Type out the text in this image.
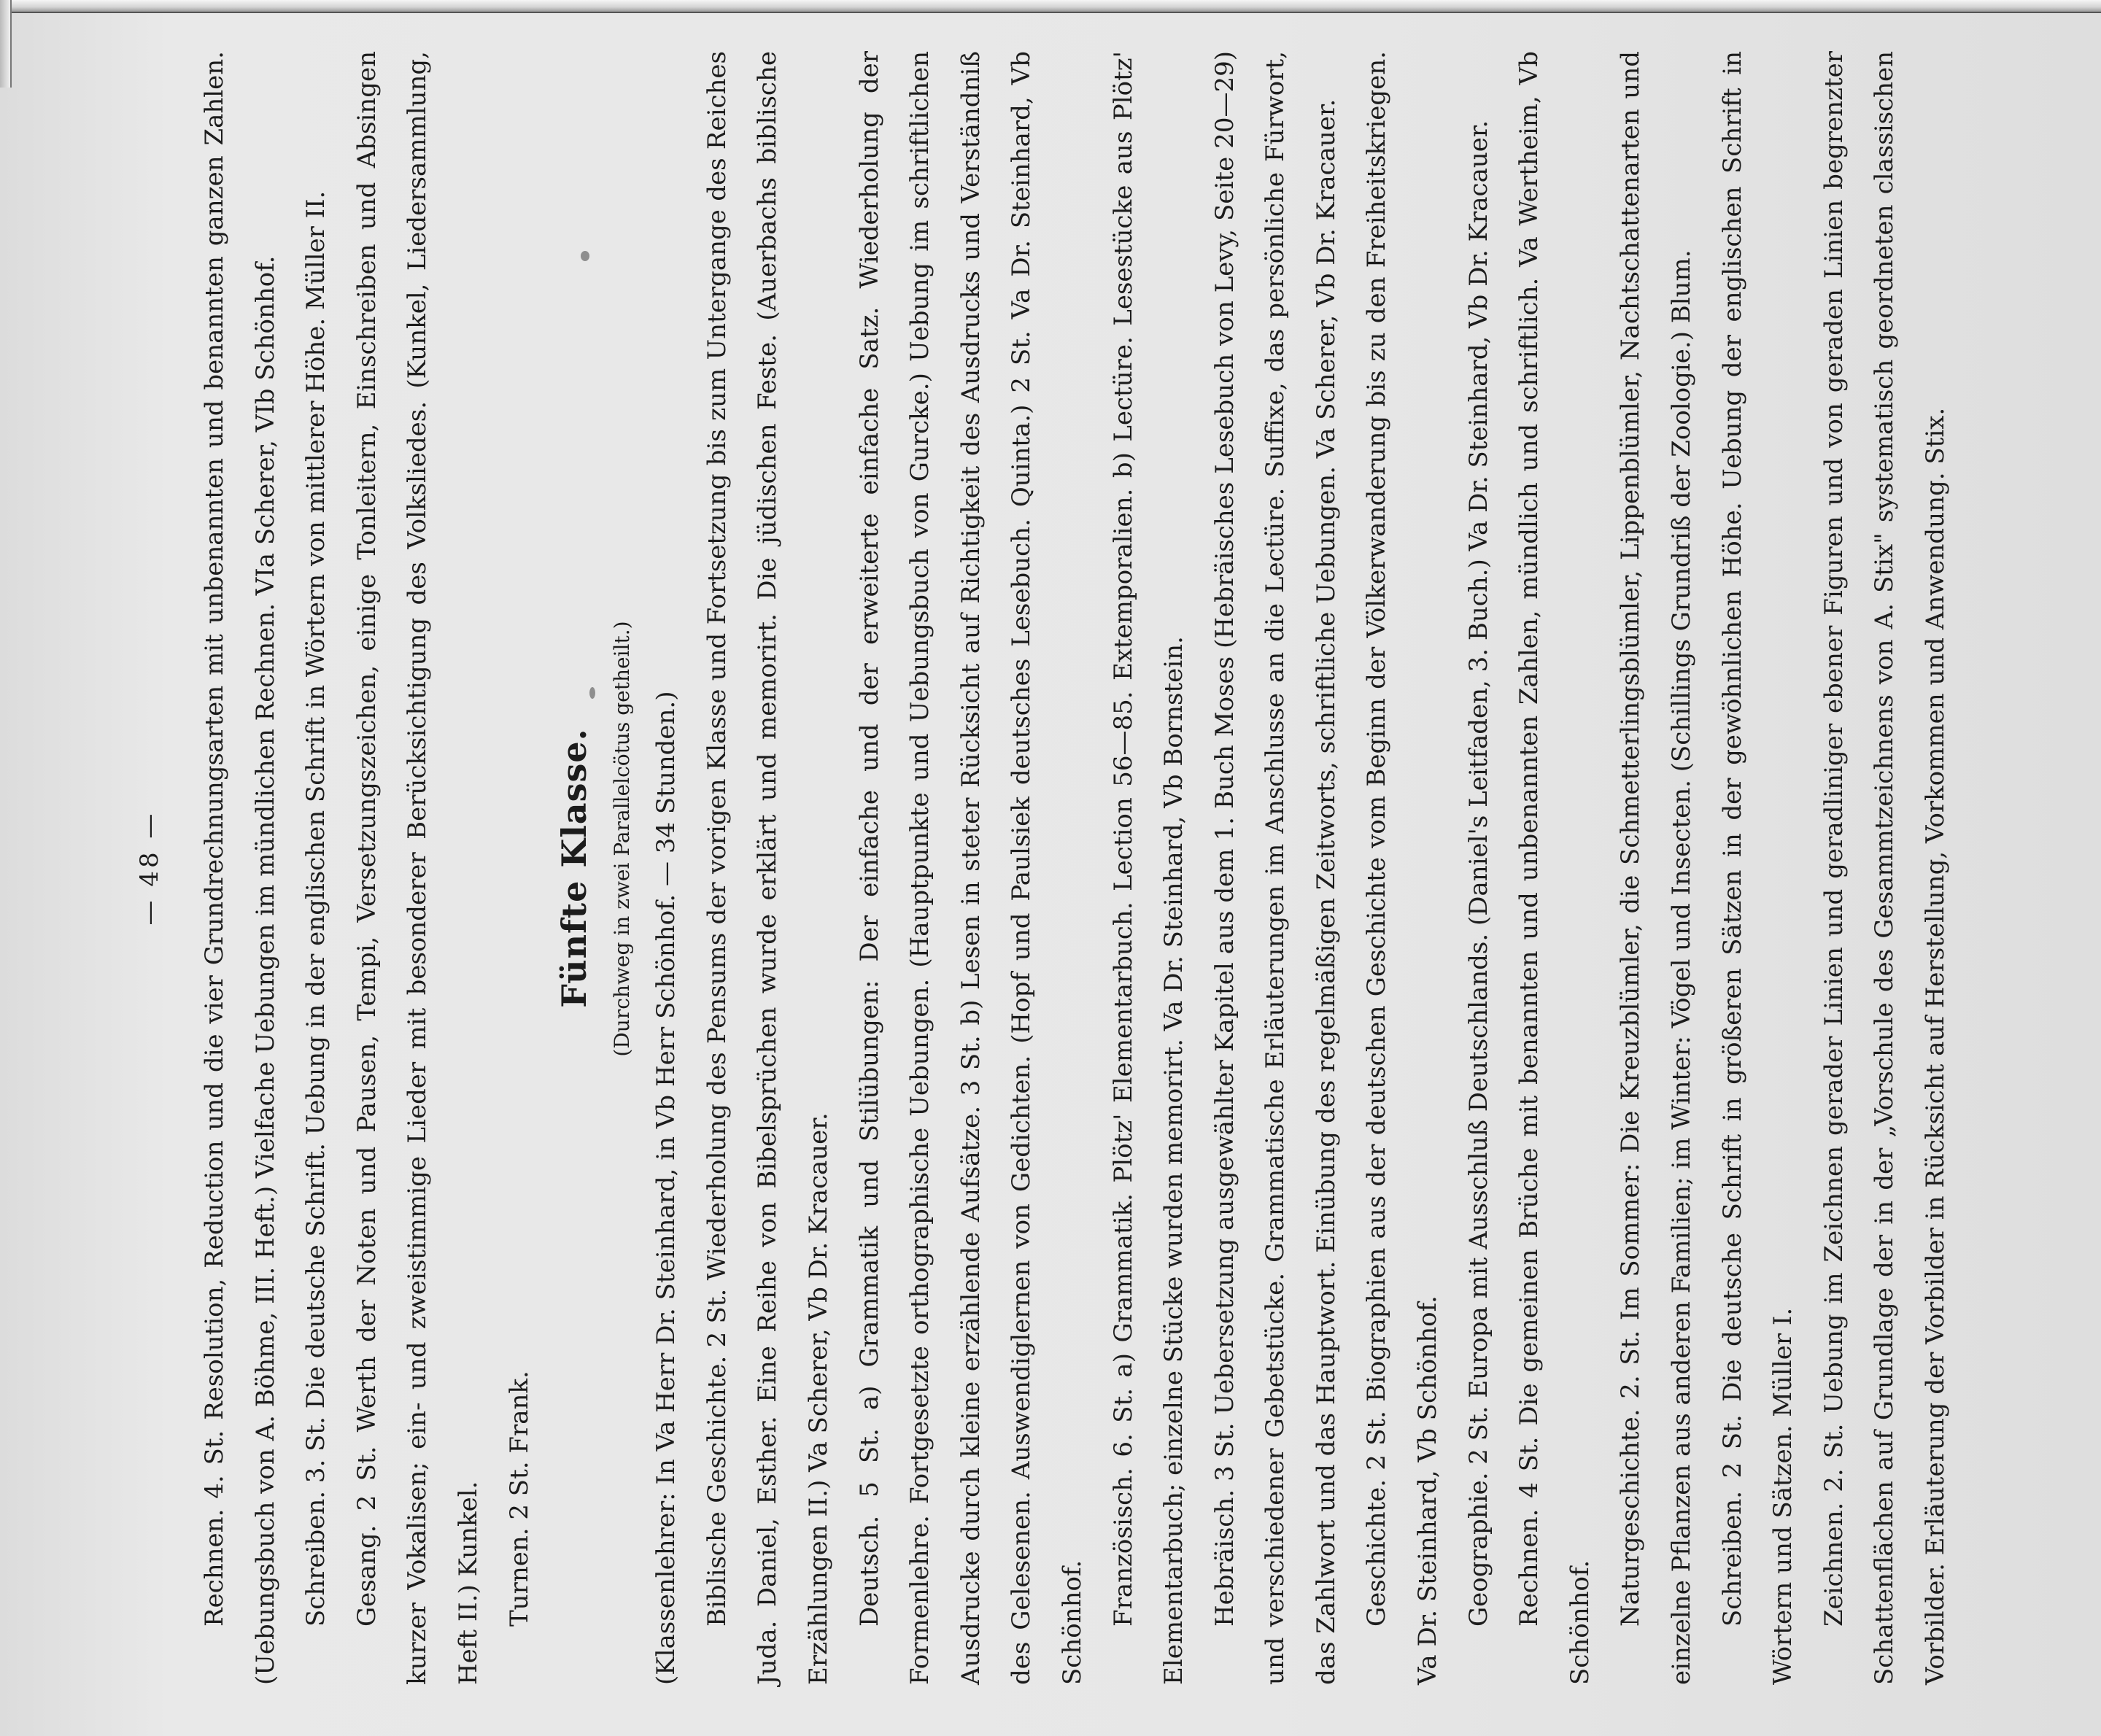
— 48 —	Rechnen. 4. St. Resolution, Reduction und die vier Grundrechnungsarten mit unbenannten und benannten ganzen Zahlen. (Uebungsbuch von A. Böhme, III. Heft.) Vielfache Uebungen im mündlichen Rechnen. VIa Scherer, VIb Schönhof. Schreiben. 3. St. Die deutsche Schrift. Uebung in der englischen Schrift in Wörtern von mittlerer Höhe. Müller II. Gesang. 2 St. Werth der Noten und Pausen, Tempi, Versetzungszeichen, einige Tonleitern, Einschreiben und Absingen kurzer Vokalisen; ein- und zweistimmige Lieder mit besonderer Berücksichtigung des Volksliedes. (Kunkel, Liedersammlung, Heft II.) Kunkel. Turnen. 2 St. Frank.

Fünfte Klasse. (Durchweg in zwei Parallelcötus getheilt.) (Klassenlehrer: In Va Herr Dr. Steinhard, in Vb Herr Schönhof. — 34 Stunden.) Biblische Geschichte. 2 St. Wiederholung des Pensums der vorigen Klasse und Fortsetzung bis zum Untergange des Reiches Juda. Daniel, Esther. Eine Reihe von Bibelsprüchen wurde erklärt und memorirt. Die jüdischen Feste. (Auerbachs biblische Erzählungen II.) Va Scherer, Vb Dr. Kracauer. Deutsch. 5 St. a) Grammatik und Stilübungen: Der einfache und der erweiterte einfache Satz. Wiederholung der Formenlehre. Fortgesetzte orthographische Uebungen. (Hauptpunkte und Uebungsbuch von Gurcke.) Uebung im schriftlichen Ausdrucke durch kleine erzählende Aufsätze. 3 St. b) Lesen in steter Rücksicht auf Richtigkeit des Ausdrucks und Verständniß des Gelesenen. Auswendiglernen von Gedichten. (Hopf und Paulsiek deutsches Lesebuch. Quinta.) 2 St. Va Dr. Steinhard, Vb Schönhof. Französisch. 6. St. a) Grammatik. Plötz' Elementarbuch. Lection 56—85. Extemporalien. b) Lectüre. Lesestücke aus Plötz' Elementarbuch; einzelne Stücke wurden memorirt. Va Dr. Steinhard, Vb Bornstein. Hebräisch. 3 St. Uebersetzung ausgewählter Kapitel aus dem 1. Buch Moses (Hebräisches Lesebuch von Levy, Seite 20—29) und verschiedener Gebetstücke. Grammatische Erläuterungen im Anschlusse an die Lectüre. Suffixe, das persönliche Fürwort, das Zahlwort und das Hauptwort. Einübung des regelmäßigen Zeitworts, schriftliche Uebungen. Va Scherer, Vb Dr. Kracauer. Geschichte. 2 St. Biographien aus der deutschen Geschichte vom Beginn der Völkerwanderung bis zu den Freiheitskriegen. Va Dr. Steinhard, Vb Schönhof. Geographie. 2 St. Europa mit Ausschluß Deutschlands. (Daniel's Leitfaden, 3. Buch.) Va Dr. Steinhard, Vb Dr. Kracauer. Rechnen. 4 St. Die gemeinen Brüche mit benannten und unbenannten Zahlen, mündlich und schriftlich. Va Wertheim, Vb Schönhof. Naturgeschichte. 2. St. Im Sommer: Die Kreuzblümler, die Schmetterlingsblümler, Lippenblümler, Nachtschattenarten und einzelne Pflanzen aus anderen Familien; im Winter: Vögel und Insecten. (Schillings Grundriß der Zoologie.) Blum. Schreiben. 2 St. Die deutsche Schrift in größeren Sätzen in der gewöhnlichen Höhe. Uebung der englischen Schrift in Wörtern und Sätzen. Müller I. Zeichnen. 2. St. Uebung im Zeichnen gerader Linien und geradliniger ebener Figuren und von geraden Linien begrenzter Schattenflächen auf Grundlage der in der „Vorschule des Gesammtzeichnens von A. Stix" systematisch geordneten classischen Vorbilder. Erläuterung der Vorbilder in Rücksicht auf Herstellung, Vorkommen und Anwendung. Stix.
